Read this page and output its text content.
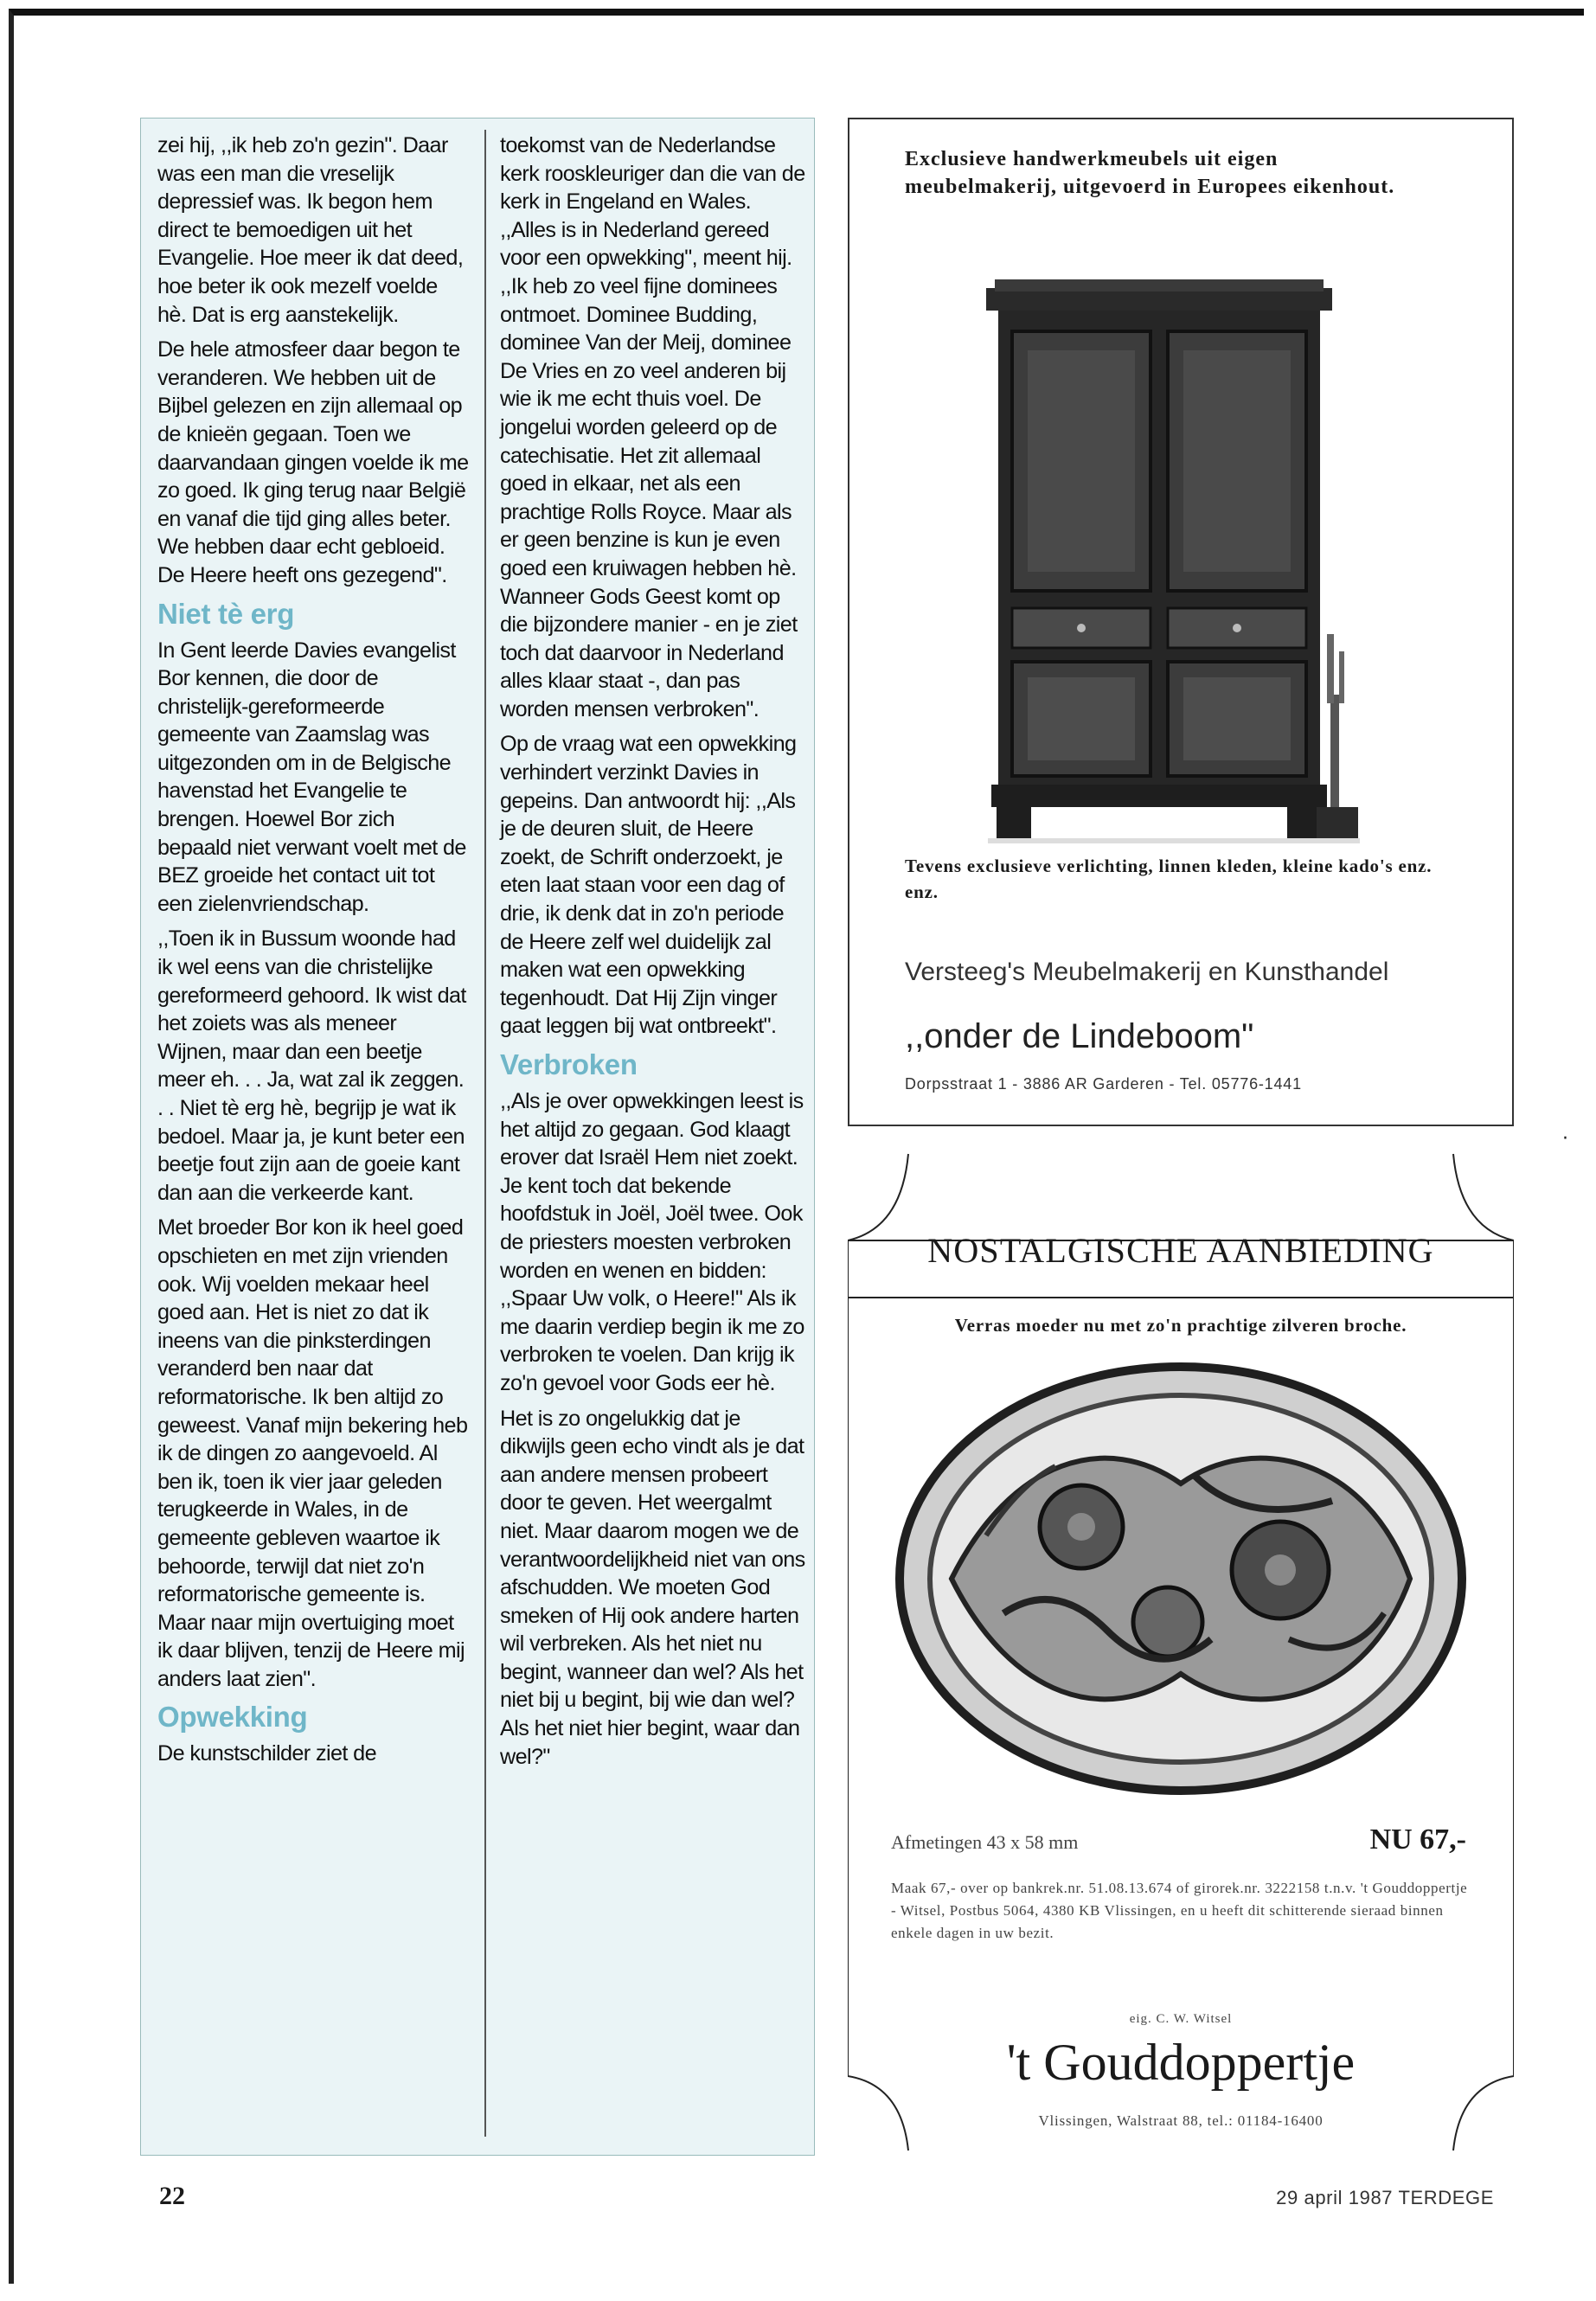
zei hij, ,,ik heb zo'n gezin". Daar was een man die vreselijk depressief was. Ik begon hem direct te bemoedigen uit het Evangelie. Hoe meer ik dat deed, hoe beter ik ook mezelf voelde hè. Dat is erg aanstekelijk.

De hele atmosfeer daar begon te veranderen. We hebben uit de Bijbel gelezen en zijn allemaal op de knieën gegaan. Toen we daarvandaan gingen voelde ik me zo goed. Ik ging terug naar België en vanaf die tijd ging alles beter. We hebben daar echt gebloeid. De Heere heeft ons gezegend".

Niet tè erg

In Gent leerde Davies evangelist Bor kennen, die door de christelijk-gereformeerde gemeente van Zaamslag was uitgezonden om in de Belgische havenstad het Evangelie te brengen. Hoewel Bor zich bepaald niet verwant voelt met de BEZ groeide het contact uit tot een zielenvriendschap.

,,Toen ik in Bussum woonde had ik wel eens van die christelijke gereformeerd gehoord. Ik wist dat het zoiets was als meneer Wijnen, maar dan een beetje meer eh. . . Ja, wat zal ik zeggen. . . Niet tè erg hè, begrijp je wat ik bedoel. Maar ja, je kunt beter een beetje fout zijn aan de goeie kant dan aan die verkeerde kant.

Met broeder Bor kon ik heel goed opschieten en met zijn vrienden ook. Wij voelden mekaar heel goed aan. Het is niet zo dat ik ineens van die pinksterdingen veranderd ben naar dat reformatorische. Ik ben altijd zo geweest. Vanaf mijn bekering heb ik de dingen zo aangevoeld. Al ben ik, toen ik vier jaar geleden terugkeerde in Wales, in de gemeente gebleven waartoe ik behoorde, terwijl dat niet zo'n reformatorische gemeente is. Maar naar mijn overtuiging moet ik daar blijven, tenzij de Heere mij anders laat zien".

Opwekking

De kunstschilder ziet de

toekomst van de Nederlandse kerk rooskleuriger dan die van de kerk in Engeland en Wales. ,,Alles is in Nederland gereed voor een opwekking", meent hij. ,,Ik heb zo veel fijne dominees ontmoet. Dominee Budding, dominee Van der Meij, dominee De Vries en zo veel anderen bij wie ik me echt thuis voel. De jongelui worden geleerd op de catechisatie. Het zit allemaal goed in elkaar, net als een prachtige Rolls Royce. Maar als er geen benzine is kun je even goed een kruiwagen hebben hè. Wanneer Gods Geest komt op die bijzondere manier - en je ziet toch dat daarvoor in Nederland alles klaar staat -, dan pas worden mensen verbroken".

Op de vraag wat een opwekking verhindert verzinkt Davies in gepeins. Dan antwoordt hij: ,,Als je de deuren sluit, de Heere zoekt, de Schrift onderzoekt, je eten laat staan voor een dag of drie, ik denk dat in zo'n periode de Heere zelf wel duidelijk zal maken wat een opwekking tegenhoudt. Dat Hij Zijn vinger gaat leggen bij wat ontbreekt".

Verbroken

,,Als je over opwekkingen leest is het altijd zo gegaan. God klaagt erover dat Israël Hem niet zoekt. Je kent toch dat bekende hoofdstuk in Joël, Joël twee. Ook de priesters moesten verbroken worden en wenen en bidden: ,,Spaar Uw volk, o Heere!" Als ik me daarin verdiep begin ik me zo verbroken te voelen. Dan krijg ik zo'n gevoel voor Gods eer hè.

Het is zo ongelukkig dat je dikwijls geen echo vindt als je dat aan andere mensen probeert door te geven. Het weergalmt niet. Maar daarom mogen we de verantwoordelijkheid niet van ons afschudden. We moeten God smeken of Hij ook andere harten wil verbreken. Als het niet nu begint, wanneer dan wel? Als het niet bij u begint, bij wie dan wel? Als het niet hier begint, waar dan wel?"

Exclusieve handwerkmeubels uit eigen meubelmakerij, uitgevoerd in Europees eikenhout.
Tevens exclusieve verlichting, linnen kleden, kleine kado's enz. enz.
Versteeg's Meubelmakerij en Kunsthandel
,,onder de Lindeboom"
Dorpsstraat 1 - 3886 AR Garderen - Tel. 05776-1441
NOSTALGISCHE AANBIEDING
Verras moeder nu met zo'n prachtige zilveren broche.
Afmetingen 43 x 58 mm	NU 67,-
Maak 67,- over op bankrek.nr. 51.08.13.674 of girorek.nr. 3222158 t.n.v. 't Gouddoppertje - Witsel, Postbus 5064, 4380 KB Vlissingen, en u heeft dit schitterende sieraad binnen enkele dagen in uw bezit.
eig. C. W. Witsel
't Gouddoppertje
Vlissingen, Walstraat 88, tel.: 01184-16400
·
22	29 april 1987 TERDEGE
